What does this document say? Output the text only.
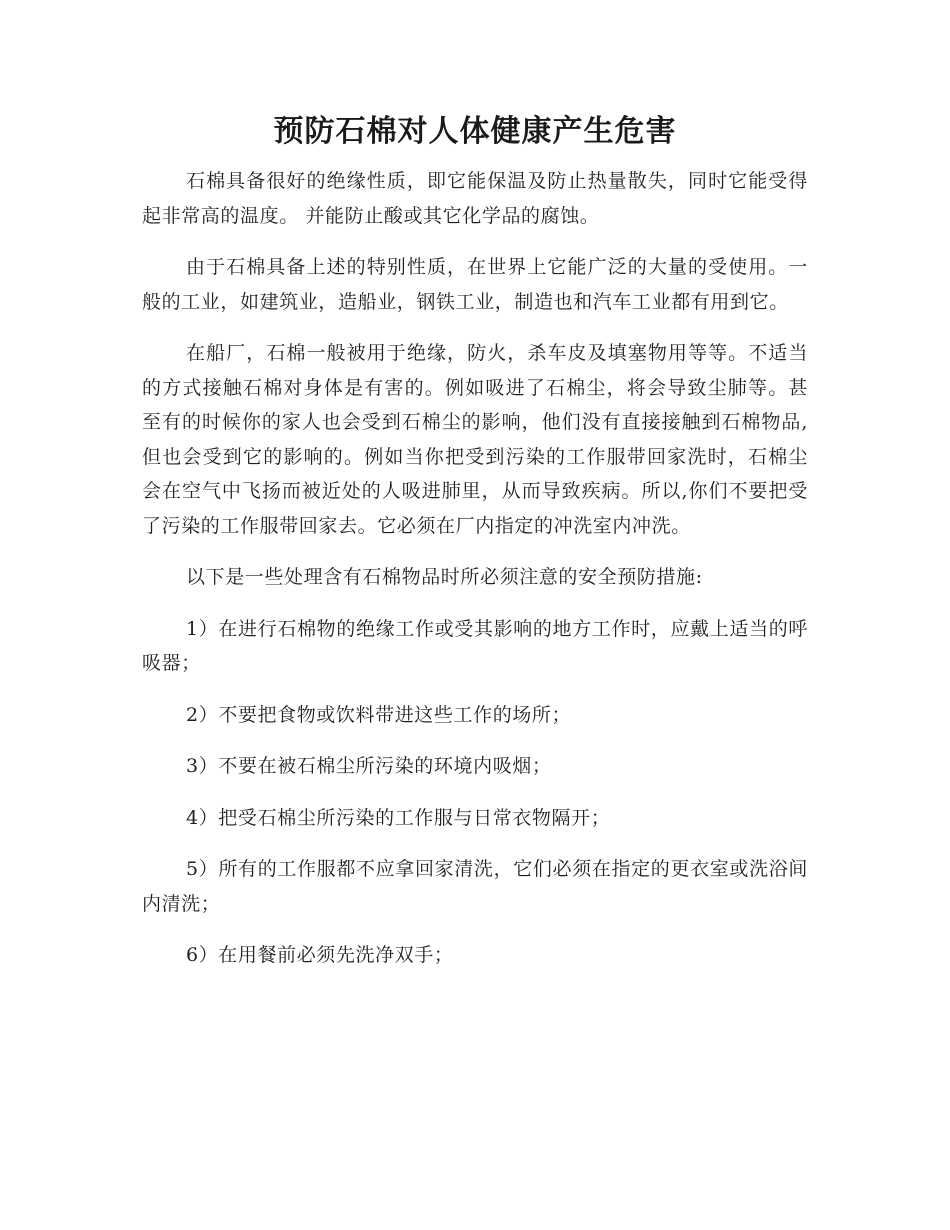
预防石棉对人体健康产生危害

石棉具备很好的绝缘性质，即它能保温及防止热量散失，同时它能受得起非常高的温度。 并能防止酸或其它化学品的腐蚀。

由于石棉具备上述的特别性质，在世界上它能广泛的大量的受使用。一般的工业，如建筑业，造船业，钢铁工业，制造也和汽车工业都有用到它。

在船厂，石棉一般被用于绝缘，防火，杀车皮及填塞物用等等。不适当的方式接触石棉对身体是有害的。例如吸进了石棉尘，将会导致尘肺等。甚至有的时候你的家人也会受到石棉尘的影响，他们没有直接接触到石棉物品,但也会受到它的影响的。例如当你把受到污染的工作服带回家洗时，石棉尘会在空气中飞扬而被近处的人吸进肺里，从而导致疾病。所以,你们不要把受了污染的工作服带回家去。它必须在厂内指定的冲洗室内冲洗。

以下是一些处理含有石棉物品时所必须注意的安全预防措施:

1）在进行石棉物的绝缘工作或受其影响的地方工作时，应戴上适当的呼吸器；

2）不要把食物或饮料带进这些工作的场所；

3）不要在被石棉尘所污染的环境内吸烟；

4）把受石棉尘所污染的工作服与日常衣物隔开；

5）所有的工作服都不应拿回家清洗，它们必须在指定的更衣室或洗浴间内清洗；

6）在用餐前必须先洗净双手；
